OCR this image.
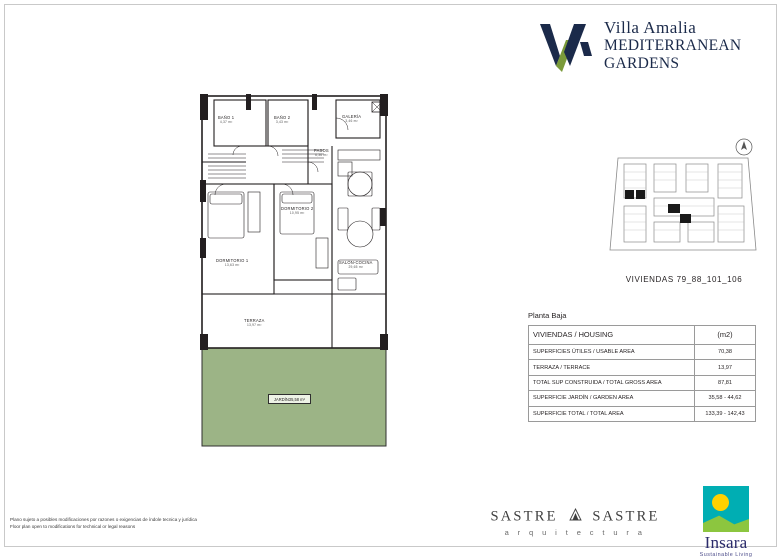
Villa Amalia
MEDITERRANEAN
GARDENS
BAÑO 1
4,37 m²
BAÑO 2
3,43 m²
GALERÍA
3,46 m²
PASOS
6,36 m²
DORMITORIO 2
10,95 m²
DORMITORIO 1
13,63 m²	SALÓN-COCINA
29,65 m²
TERRAZA
13,97 m²
JARDÍN35,58 m²
VIVIENDAS 79_88_101_106
Planta Baja
VIVIENDAS / HOUSING	(m2)
SUPERFICIES ÚTILES / USABLE AREA	70,38
TERRAZA / TERRACE	13,97
TOTAL SUP CONSTRUIDA / TOTAL GROSS AREA	87,81
SUPERFICIE JARDÍN / GARDEN AREA	35,58 - 44,62
SUPERFICIE TOTAL / TOTAL AREA	133,39 - 142,43
Plano sujeto a posibles modificaciones por razones o exigencias de índole tecnica y jurídica
Floor plan open to modifications for technical or legal reasons
SASTRE SASTRE
a r q u i t e c t u r a
Insara
Sustainable Living
